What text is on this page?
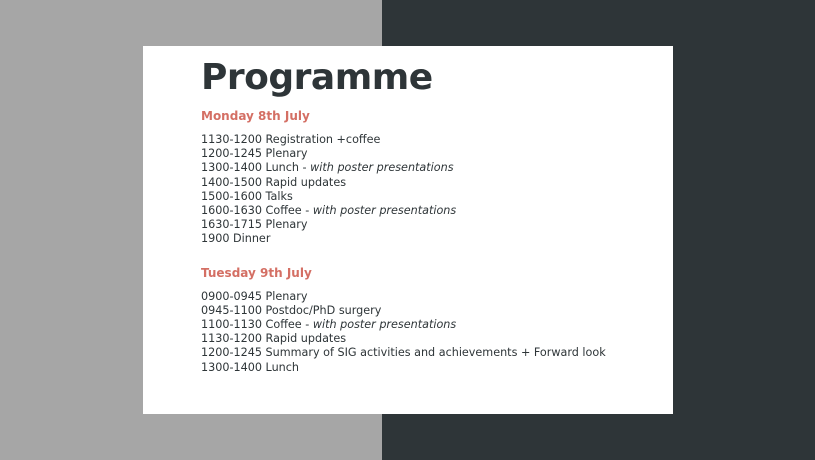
Programme
Monday 8th July
1130-1200 Registration +coffee
1200-1245 Plenary
1300-1400 Lunch - with poster presentations
1400-1500 Rapid updates
1500-1600 Talks
1600-1630 Coffee - with poster presentations
1630-1715 Plenary
1900 Dinner
Tuesday 9th July
0900-0945 Plenary
0945-1100 Postdoc/PhD surgery
1100-1130 Coffee - with poster presentations
1130-1200 Rapid updates
1200-1245 Summary of SIG activities and achievements + Forward look
1300-1400 Lunch
